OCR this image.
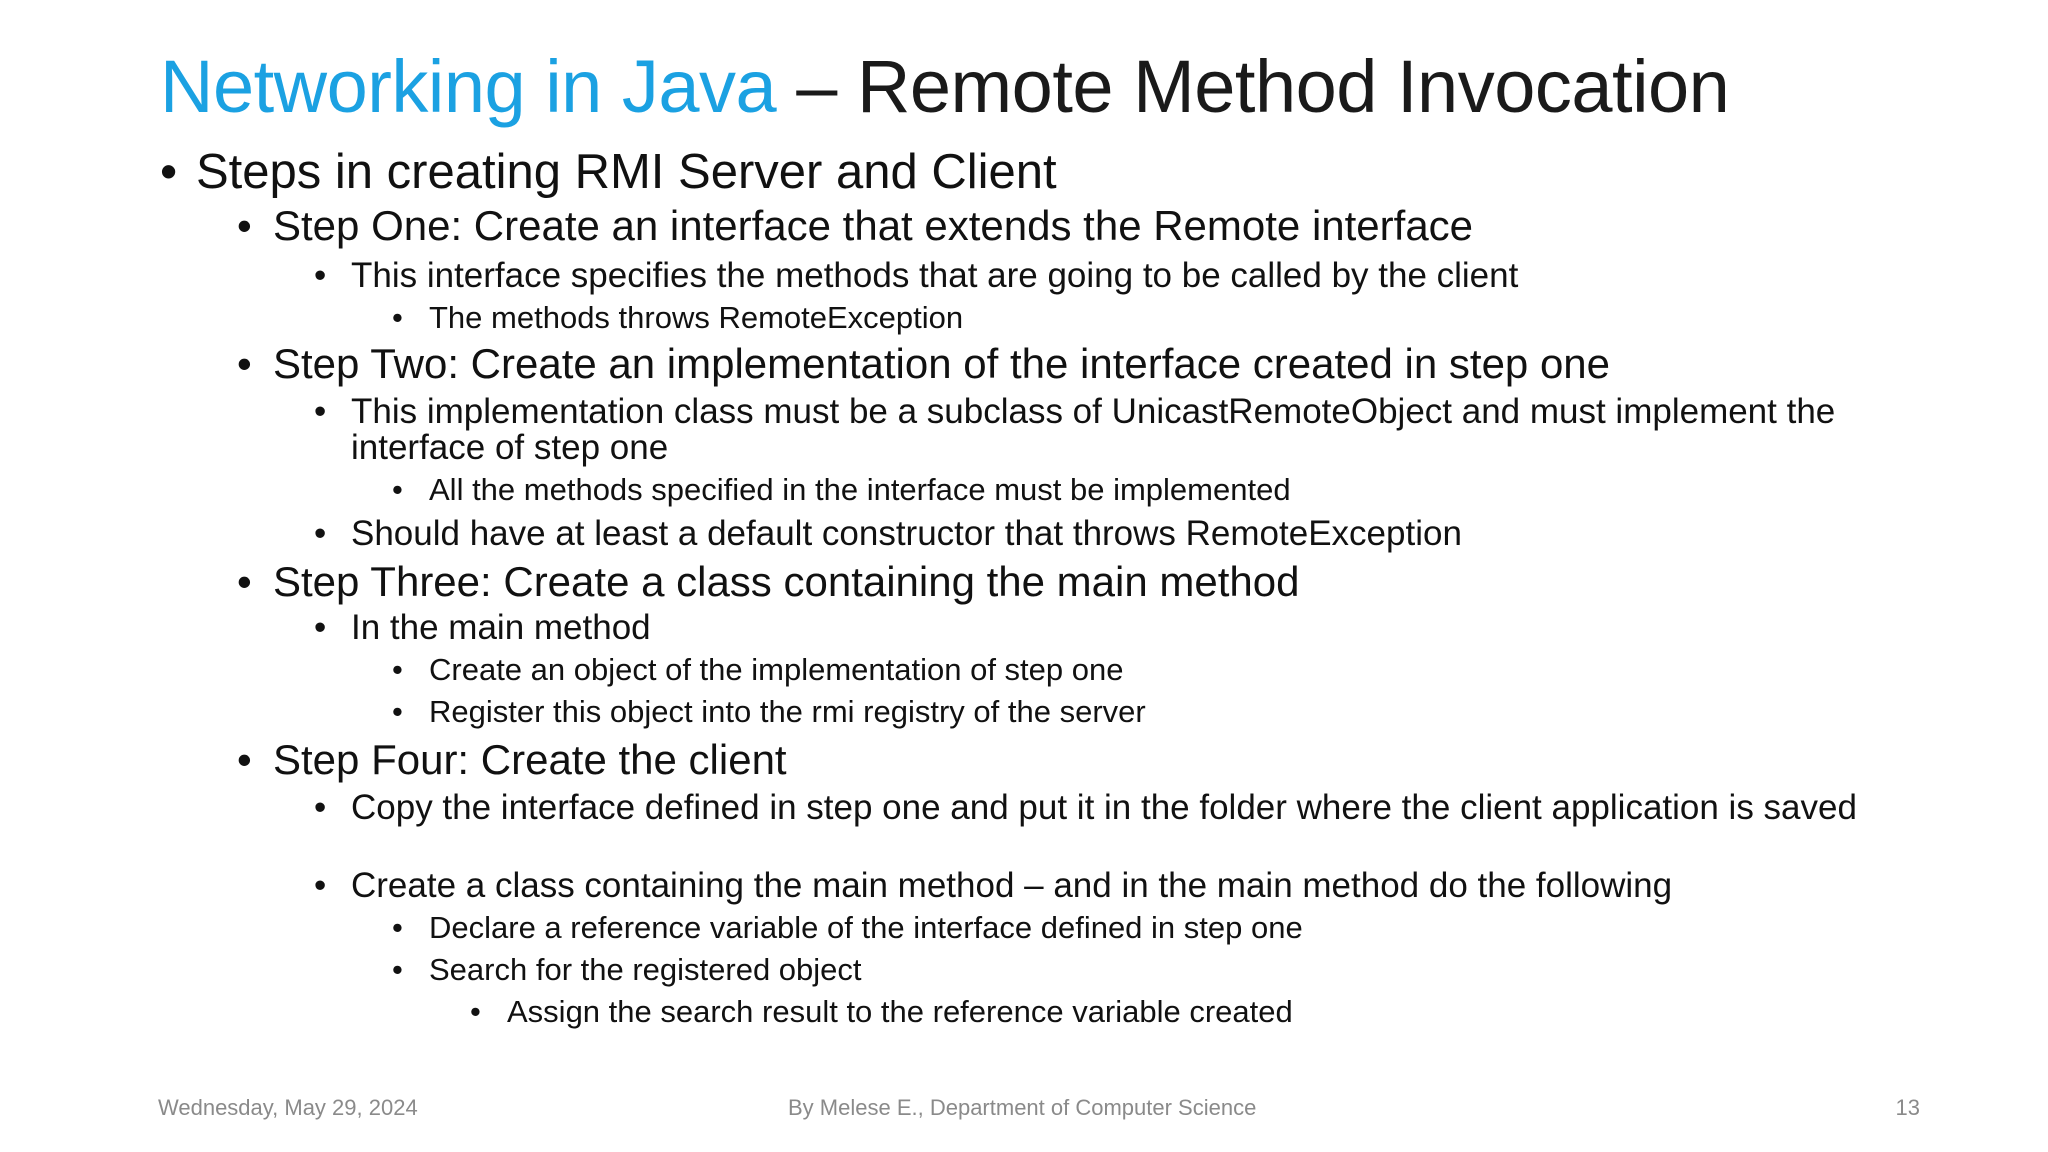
Networking in Java – Remote Method Invocation
• Steps in creating RMI Server and Client
• Step One: Create an interface that extends the Remote interface
• This interface specifies the methods that are going to be called by the client
• The methods throws RemoteException
• Step Two: Create an implementation of the interface created in step one
• This implementation class must be a subclass of UnicastRemoteObject and must implement the interface of step one
• All the methods specified in the interface must be implemented
• Should have at least a default constructor that throws RemoteException
• Step Three: Create a class containing the main method
• In the main method
• Create an object of the implementation of step one
• Register this object into the rmi registry of the server
• Step Four: Create the client
• Copy the interface defined in step one and put it in the folder where the client application is saved
• Create a class containing the main method – and in the main method do the following
• Declare a reference variable of the interface defined in step one
• Search for the registered object
• Assign the search result to the reference variable created
Wednesday, May 29, 2024	By Melese E., Department of Computer Science	13
